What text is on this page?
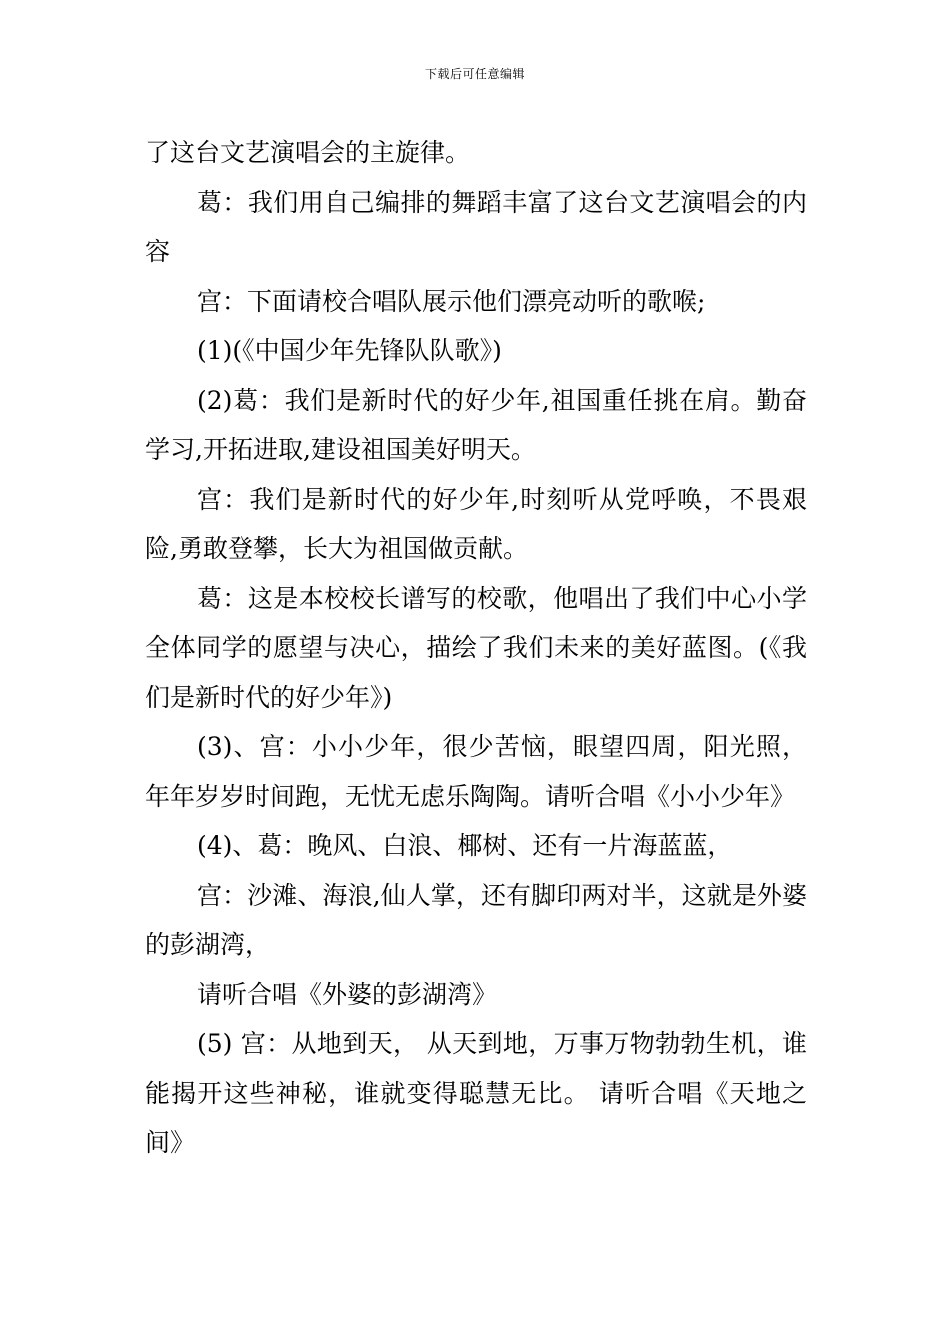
下载后可任意编辑

了这台文艺演唱会的主旋律。

葛：我们用自己编排的舞蹈丰富了这台文艺演唱会的内容

宫：下面请校合唱队展示他们漂亮动听的歌喉;

(1)(《中国少年先锋队队歌》)

(2)葛：我们是新时代的好少年,祖国重任挑在肩。勤奋学习,开拓进取,建设祖国美好明天。

宫：我们是新时代的好少年,时刻听从党呼唤，不畏艰险,勇敢登攀，长大为祖国做贡献。

葛：这是本校校长谱写的校歌，他唱出了我们中心小学全体同学的愿望与决心，描绘了我们未来的美好蓝图。(《我们是新时代的好少年》)

(3)、宫：小小少年，很少苦恼，眼望四周，阳光照，年年岁岁时间跑，无忧无虑乐陶陶。请听合唱《小小少年》

(4)、葛：晚风、白浪、椰树、还有一片海蓝蓝，

宫：沙滩、海浪,仙人掌，还有脚印两对半，这就是外婆的彭湖湾，

请听合唱《外婆的彭湖湾》

(5) 宫：从地到天， 从天到地，万事万物勃勃生机，谁能揭开这些神秘，谁就变得聪慧无比。 请听合唱《天地之间》
